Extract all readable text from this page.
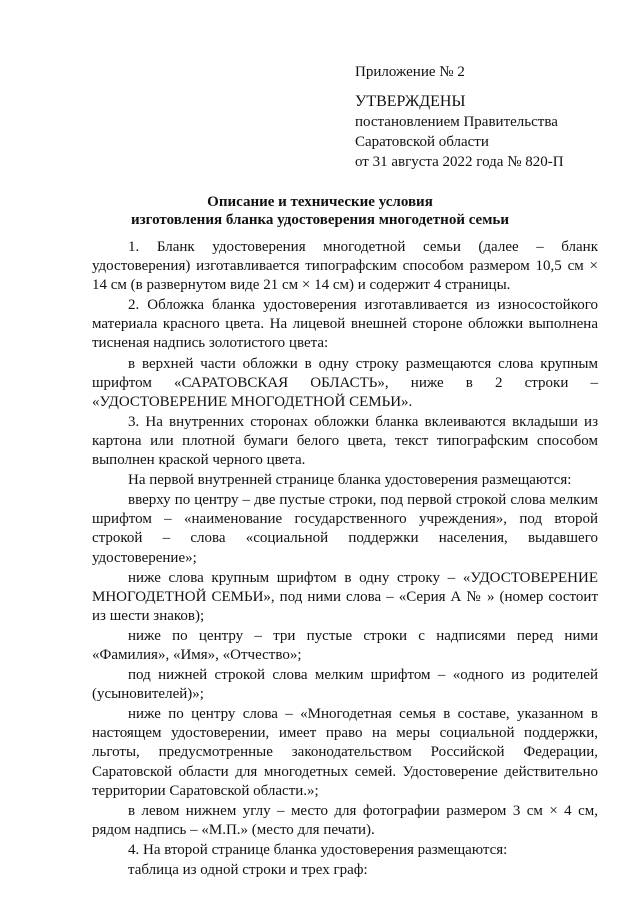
Приложение № 2
УТВЕРЖДЕНЫ
постановлением Правительства
Саратовской области
от 31 августа 2022 года № 820-П
Описание и технические условия
изготовления бланка удостоверения многодетной семьи

1. Бланк удостоверения многодетной семьи (далее – бланк удостоверения) изготавливается типографским способом размером 10,5 см × 14 см (в развернутом виде 21 см × 14 см) и содержит 4 страницы.

2. Обложка бланка удостоверения изготавливается из износостойкого материала красного цвета. На лицевой внешней стороне обложки выполнена тисненая надпись золотистого цвета:

в верхней части обложки в одну строку размещаются слова крупным шрифтом «САРАТОВСКАЯ ОБЛАСТЬ», ниже в 2 строки – «УДОСТОВЕРЕНИЕ МНОГОДЕТНОЙ СЕМЬИ».

3. На внутренних сторонах обложки бланка вклеиваются вкладыши из картона или плотной бумаги белого цвета, текст типографским способом выполнен краской черного цвета.

На первой внутренней странице бланка удостоверения размещаются:

вверху по центру – две пустые строки, под первой строкой слова мелким шрифтом – «наименование государственного учреждения», под второй строкой – слова «социальной поддержки населения, выдавшего удостоверение»;

ниже слова крупным шрифтом в одну строку – «УДОСТОВЕРЕНИЕ МНОГОДЕТНОЙ СЕМЬИ», под ними слова – «Серия А № » (номер состоит из шести знаков);

ниже по центру – три пустые строки с надписями перед ними «Фамилия», «Имя», «Отчество»;

под нижней строкой слова мелким шрифтом – «одного из родителей (усыновителей)»;

ниже по центру слова – «Многодетная семья в составе, указанном в настоящем удостоверении, имеет право на меры социальной поддержки, льготы, предусмотренные законодательством Российской Федерации, Саратовской области для многодетных семей. Удостоверение действительно территории Саратовской области.»;

в левом нижнем углу – место для фотографии размером 3 см × 4 см, рядом надпись – «М.П.» (место для печати).

4. На второй странице бланка удостоверения размещаются:

таблица из одной строки и трех граф:
